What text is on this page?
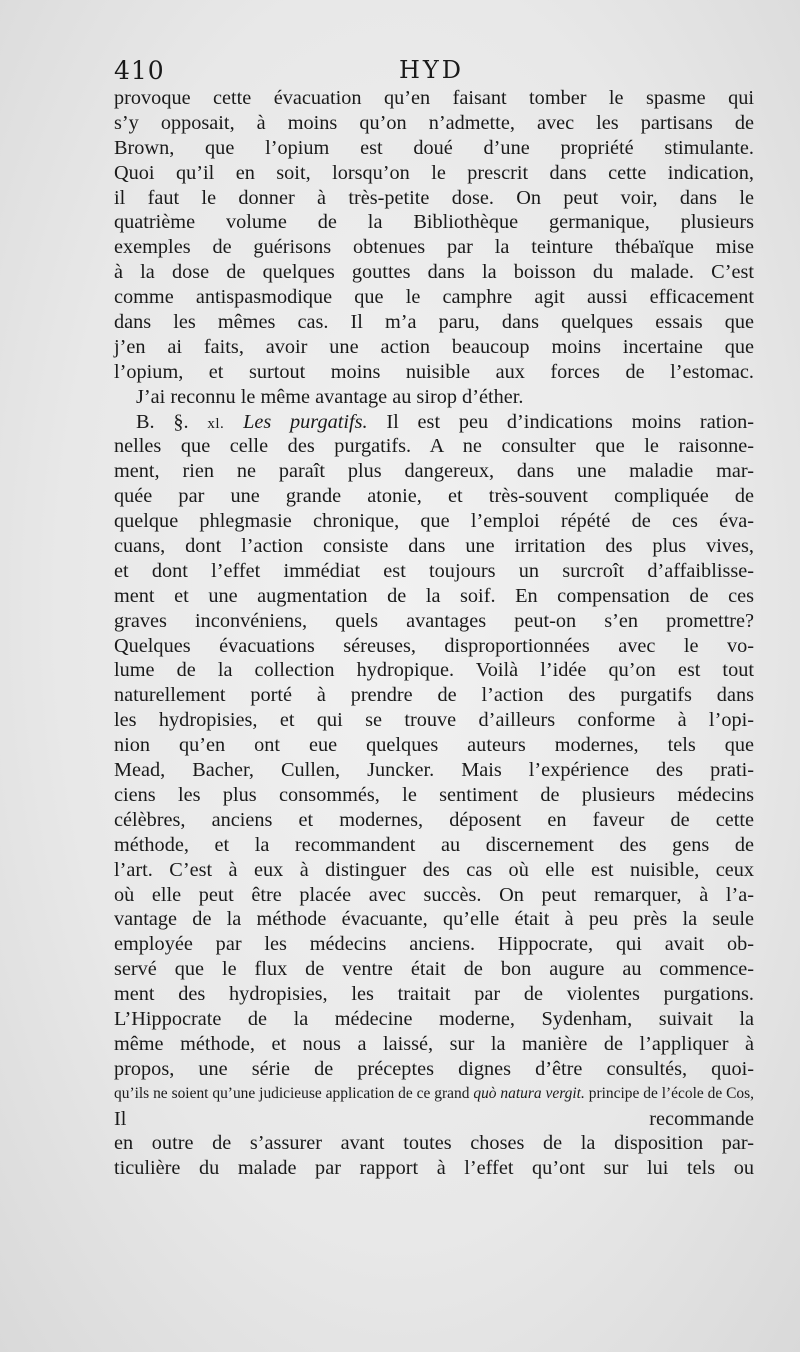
410	HYD
provoque cette évacuation qu’en faisant tomber le spasme qui
s’y opposait, à moins qu’on n’admette, avec les partisans de
Brown, que l’opium est doué d’une propriété stimulante.
Quoi qu’il en soit, lorsqu’on le prescrit dans cette indication,
il faut le donner à très-petite dose. On peut voir, dans le
quatrième volume de la Bibliothèque germanique, plusieurs
exemples de guérisons obtenues par la teinture thébaïque mise
à la dose de quelques gouttes dans la boisson du malade. C’est
comme antispasmodique que le camphre agit aussi efficacement
dans les mêmes cas. Il m’a paru, dans quelques essais que
j’en ai faits, avoir une action beaucoup moins incertaine que
l’opium, et surtout moins nuisible aux forces de l’estomac.
J’ai reconnu le même avantage au sirop d’éther.
B. §. xl. Les purgatifs. Il est peu d’indications moins ration-
nelles que celle des purgatifs. A ne consulter que le raisonne-
ment, rien ne paraît plus dangereux, dans une maladie mar-
quée par une grande atonie, et très-souvent compliquée de
quelque phlegmasie chronique, que l’emploi répété de ces éva-
cuans, dont l’action consiste dans une irritation des plus vives,
et dont l’effet immédiat est toujours un surcroît d’affaiblisse-
ment et une augmentation de la soif. En compensation de ces
graves inconvéniens, quels avantages peut-on s’en promettre?
Quelques évacuations séreuses, disproportionnées avec le vo-
lume de la collection hydropique. Voilà l’idée qu’on est tout
naturellement porté à prendre de l’action des purgatifs dans
les hydropisies, et qui se trouve d’ailleurs conforme à l’opi-
nion qu’en ont eue quelques auteurs modernes, tels que
Mead, Bacher, Cullen, Juncker. Mais l’expérience des prati-
ciens les plus consommés, le sentiment de plusieurs médecins
célèbres, anciens et modernes, déposent en faveur de cette
méthode, et la recommandent au discernement des gens de
l’art. C’est à eux à distinguer des cas où elle est nuisible, ceux
où elle peut être placée avec succès. On peut remarquer, à l’a-
vantage de la méthode évacuante, qu’elle était à peu près la seule
employée par les médecins anciens. Hippocrate, qui avait ob-
servé que le flux de ventre était de bon augure au commence-
ment des hydropisies, les traitait par de violentes purgations.
L’Hippocrate de la médecine moderne, Sydenham, suivait la
même méthode, et nous a laissé, sur la manière de l’appliquer à
propos, une série de préceptes dignes d’être consultés, quoi-
qu’ils ne soient qu’une judicieuse application de ce grand quò natura vergit. principe de l’école de Cos,
Il recommande
en outre de s’assurer avant toutes choses de la disposition par-
ticulière du malade par rapport à l’effet qu’ont sur lui tels ou
